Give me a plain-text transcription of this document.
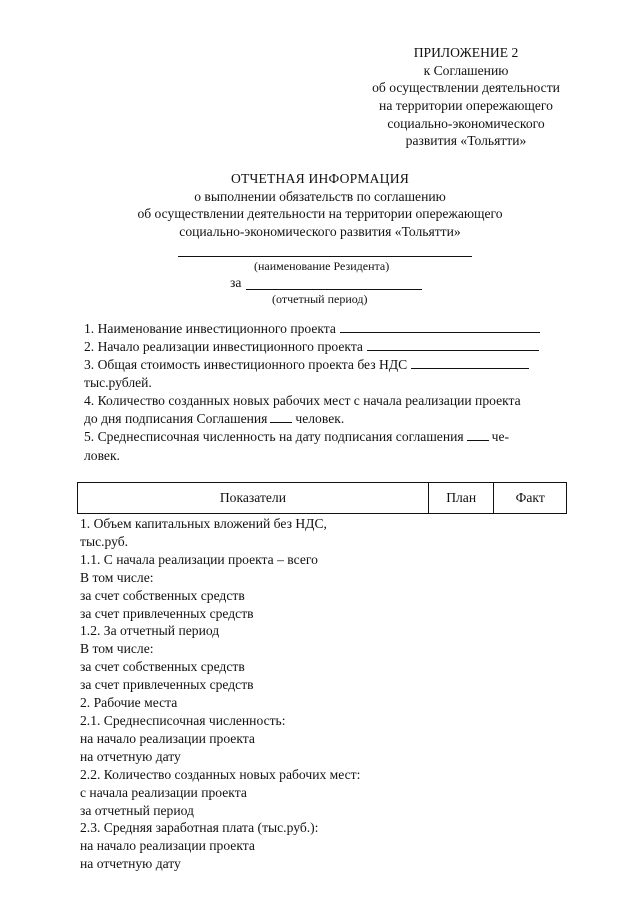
ПРИЛОЖЕНИЕ 2
к Соглашению
об осуществлении деятельности
на территории опережающего
социально-экономического
развития «Тольятти»
ОТЧЕТНАЯ ИНФОРМАЦИЯ
о выполнении обязательств по соглашению
об осуществлении деятельности на территории опережающего
социально-экономического развития «Тольятти»
(наименование Резидента)
за
(отчетный период)
1. Наименование инвестиционного проекта
2. Начало реализации инвестиционного проекта
3. Общая стоимость инвестиционного проекта без НДС
тыс.рублей.
4. Количество созданных новых рабочих мест с начала реализации проекта
до дня подписания Соглашения человек.
5. Среднесписочная численность на дату подписания соглашения че-
ловек.
Показатели	План	Факт
1. Объем капитальных вложений без НДС,
тыс.руб.
1.1. С начала реализации проекта – всего
В том числе:
за счет собственных средств
за счет привлеченных средств
1.2. За отчетный период
В том числе:
за счет собственных средств
за счет привлеченных средств
2. Рабочие места
2.1. Среднесписочная численность:
на начало реализации проекта
на отчетную дату
2.2. Количество созданных новых рабочих мест:
с начала реализации проекта
за отчетный период
2.3. Средняя заработная плата (тыс.руб.):
на начало реализации проекта
на отчетную дату
